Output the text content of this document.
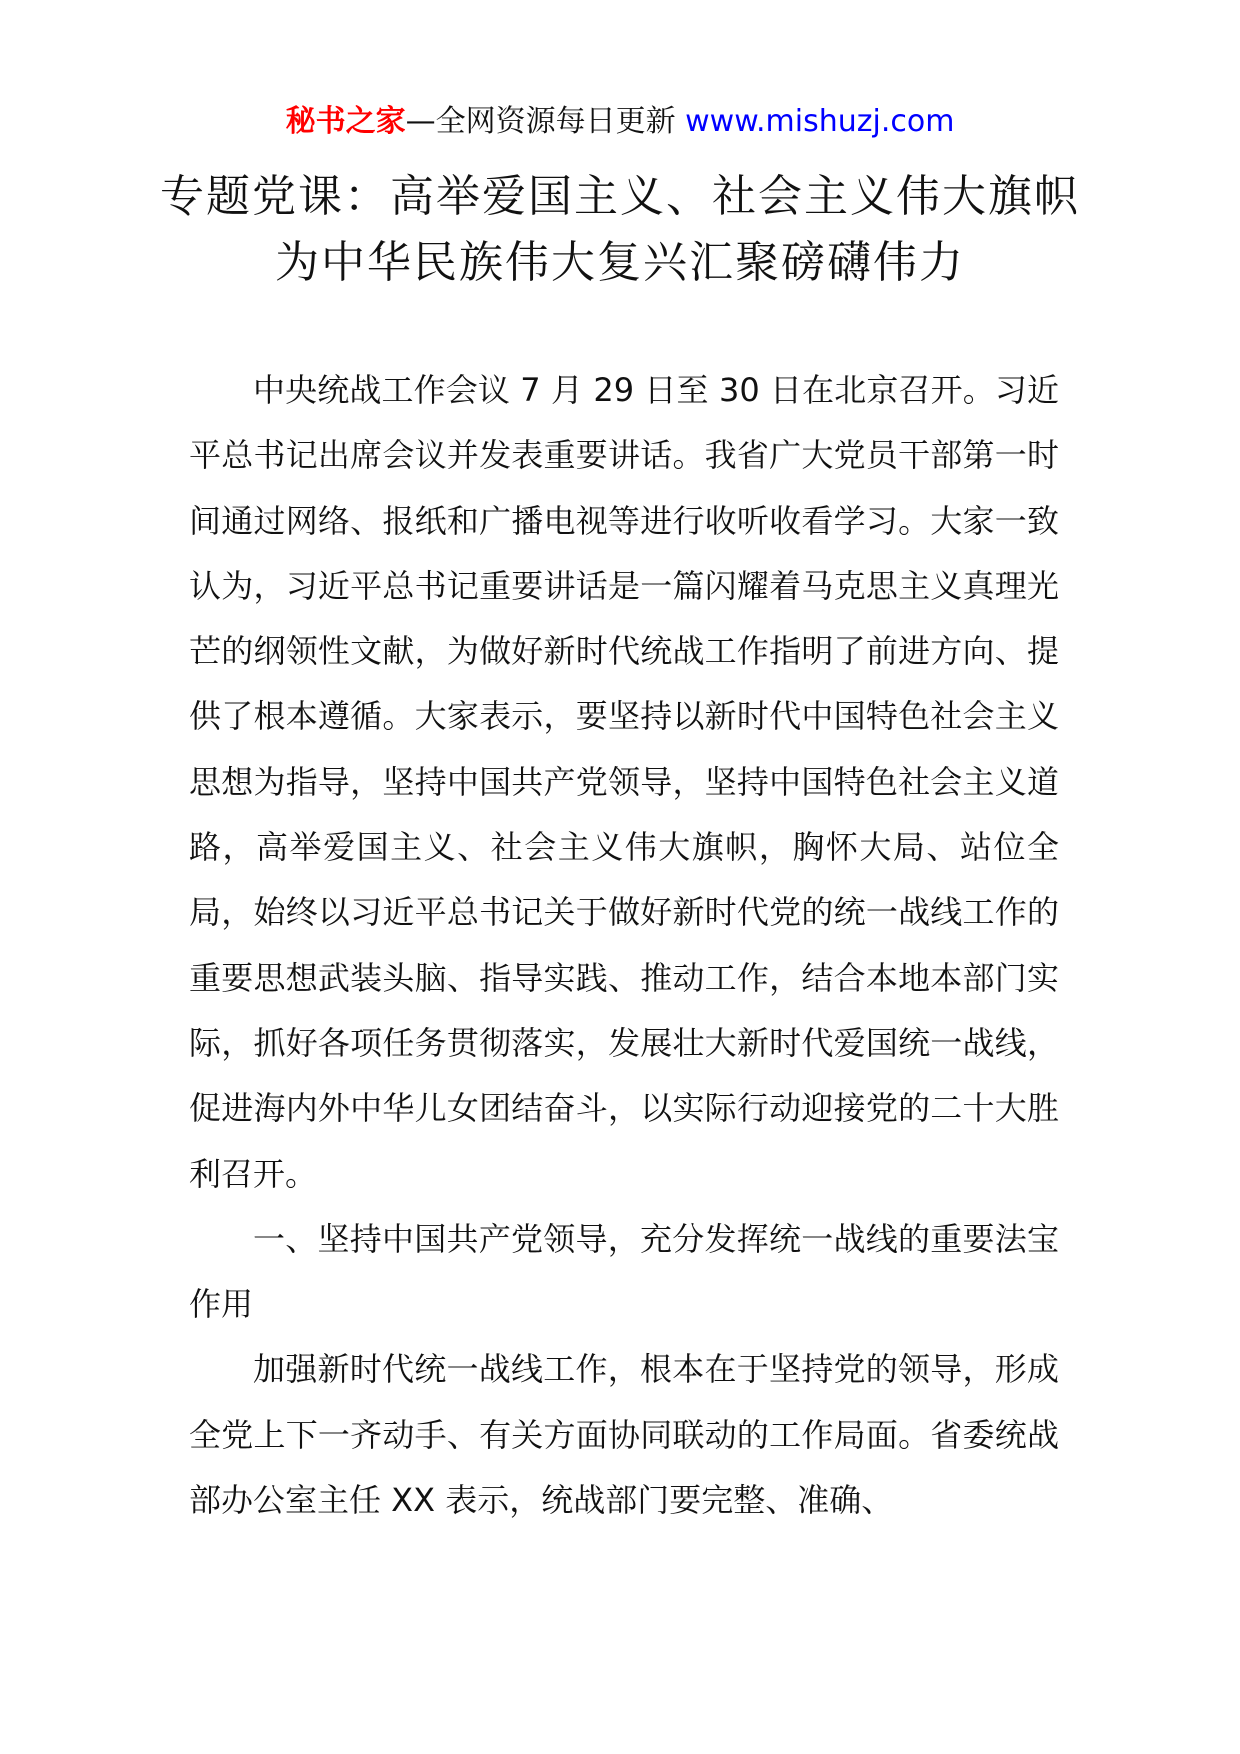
秘书之家—全网资源每日更新 www.mishuzj.com
专题党课：高举爱国主义、社会主义伟大旗帜为中华民族伟大复兴汇聚磅礴伟力

中央统战工作会议 7 月 29 日至 30 日在北京召开。习近平总书记出席会议并发表重要讲话。我省广大党员干部第一时间通过网络、报纸和广播电视等进行收听收看学习。大家一致认为，习近平总书记重要讲话是一篇闪耀着马克思主义真理光芒的纲领性文献，为做好新时代统战工作指明了前进方向、提供了根本遵循。大家表示，要坚持以新时代中国特色社会主义思想为指导，坚持中国共产党领导，坚持中国特色社会主义道路，高举爱国主义、社会主义伟大旗帜，胸怀大局、站位全局，始终以习近平总书记关于做好新时代党的统一战线工作的重要思想武装头脑、指导实践、推动工作，结合本地本部门实际，抓好各项任务贯彻落实，发展壮大新时代爱国统一战线，促进海内外中华儿女团结奋斗，以实际行动迎接党的二十大胜利召开。

一、坚持中国共产党领导，充分发挥统一战线的重要法宝作用

加强新时代统一战线工作，根本在于坚持党的领导，形成全党上下一齐动手、有关方面协同联动的工作局面。省委统战部办公室主任 XX 表示，统战部门要完整、准确、
